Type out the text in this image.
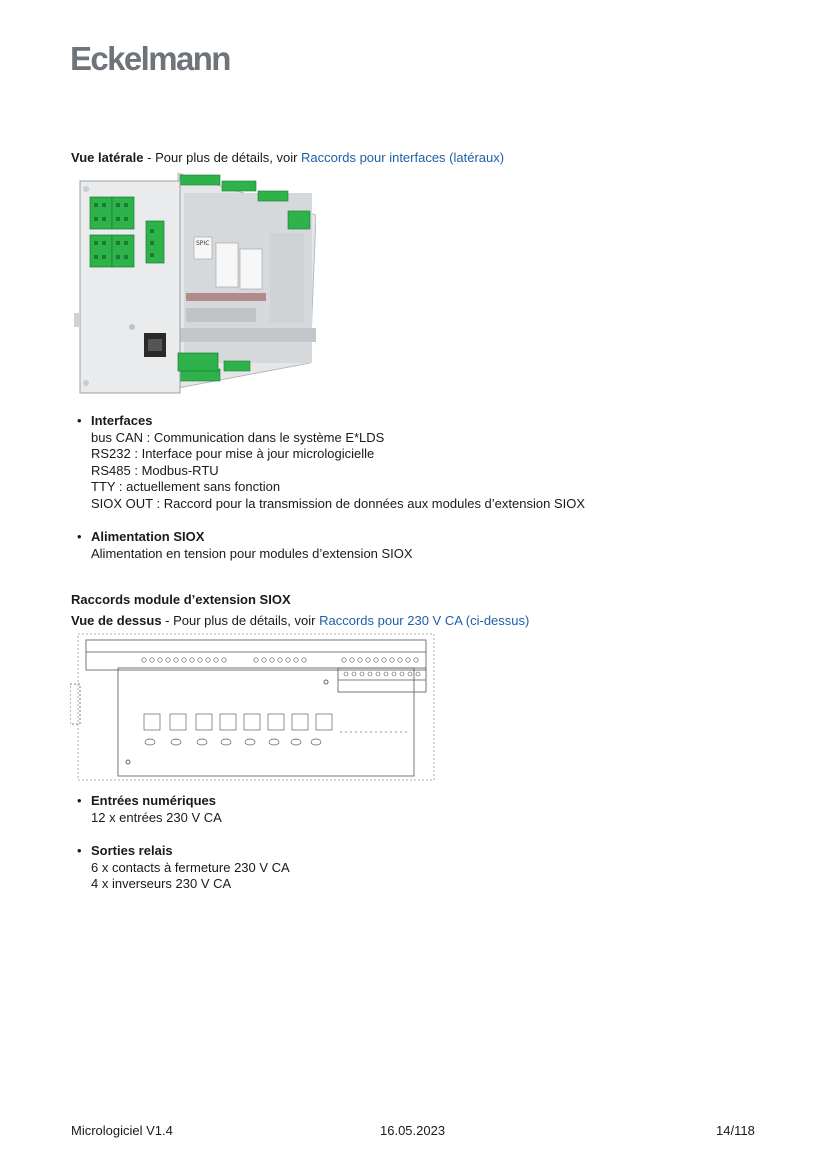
Eckelmann
Vue latérale - Pour plus de détails, voir Raccords pour interfaces (latéraux)
SPIC
• Interfaces
bus CAN : Communication dans le système E*LDS
RS232 : Interface pour mise à jour micrologicielle
RS485 : Modbus-RTU
TTY : actuellement sans fonction
SIOX OUT : Raccord pour la transmission de données aux modules d’extension SIOX
• Alimentation SIOX
Alimentation en tension pour modules d’extension SIOX
Raccords module d’extension SIOX
Vue de dessus - Pour plus de détails, voir Raccords pour 230 V CA (ci-dessus)
• Entrées numériques
12 x entrées 230 V CA
• Sorties relais
6 x contacts à fermeture 230 V CA
4 x inverseurs 230 V CA
Micrologiciel V1.4	16.05.2023	14/118
